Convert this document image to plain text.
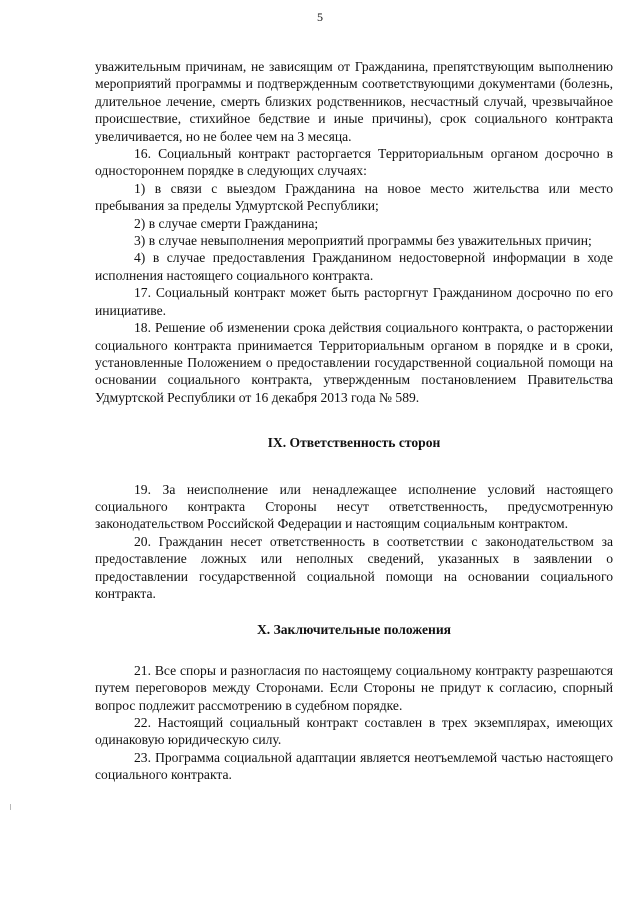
5

уважительным причинам, не зависящим от Гражданина, препятствующим выполнению мероприятий программы и подтвержденным соответствующими документами (болезнь, длительное лечение, смерть близких родственников, несчастный случай, чрезвычайное происшествие, стихийное бедствие и иные причины), срок социального контракта увеличивается, но не более чем на 3 месяца.

16. Социальный контракт расторгается Территориальным органом досрочно в одностороннем порядке в следующих случаях:

1) в связи с выездом Гражданина на новое место жительства или место пребывания за пределы Удмуртской Республики;

2) в случае смерти Гражданина;

3) в случае невыполнения мероприятий программы без уважительных причин;

4) в случае предоставления Гражданином недостоверной информации в ходе исполнения настоящего социального контракта.

17. Социальный контракт может быть расторгнут Гражданином досрочно по его инициативе.

18. Решение об изменении срока действия социального контракта, о расторжении социального контракта принимается Территориальным органом в порядке и в сроки, установленные Положением о предоставлении государственной социальной помощи на основании социального контракта, утвержденным постановлением Правительства Удмуртской Республики от 16 декабря 2013 года № 589.

IX. Ответственность сторон

19. За неисполнение или ненадлежащее исполнение условий настоящего социального контракта Стороны несут ответственность, предусмотренную законодательством Российской Федерации и настоящим социальным контрактом.

20. Гражданин несет ответственность в соответствии с законодательством за предоставление ложных или неполных сведений, указанных в заявлении о предоставлении государственной социальной помощи на основании социального контракта.

X. Заключительные положения

21. Все споры и разногласия по настоящему социальному контракту разрешаются путем переговоров между Сторонами. Если Стороны не придут к согласию, спорный вопрос подлежит рассмотрению в судебном порядке.

22. Настоящий социальный контракт составлен в трех экземплярах, имеющих одинаковую юридическую силу.

23. Программа социальной адаптации является неотъемлемой частью настоящего социального контракта.
